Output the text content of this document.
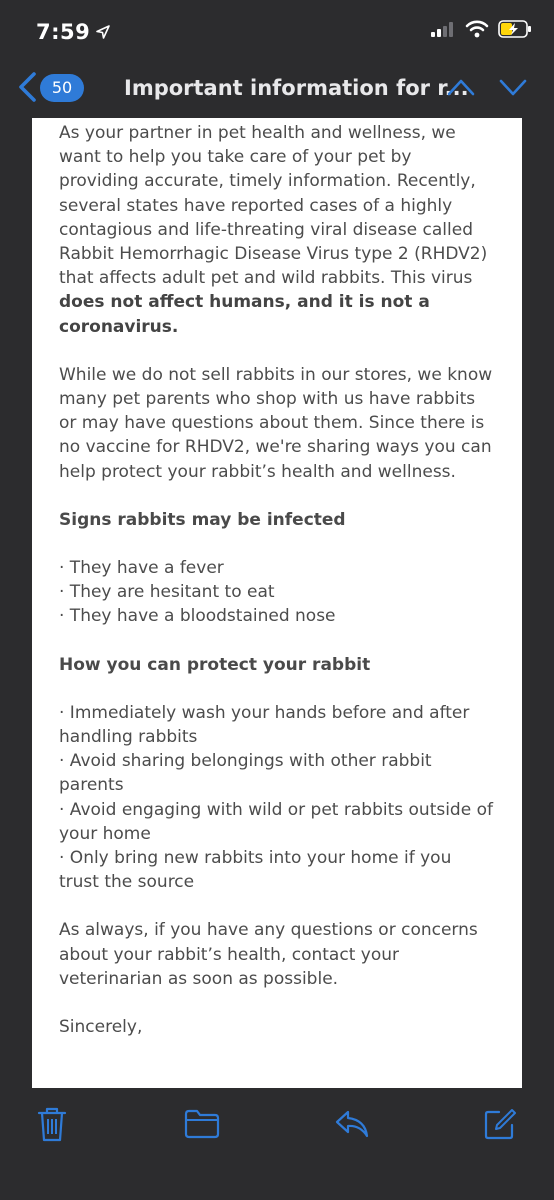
7:59
50	Important information for r...

As your partner in pet health and wellness, we want to help you take care of your pet by providing accurate, timely information. Recently, several states have reported cases of a highly contagious and life-threating viral disease called Rabbit Hemorrhagic Disease Virus type 2 (RHDV2) that affects adult pet and wild rabbits. This virus does not affect humans, and it is not a coronavirus.

While we do not sell rabbits in our stores, we know many pet parents who shop with us have rabbits or may have questions about them. Since there is no vaccine for RHDV2, we're sharing ways you can help protect your rabbit’s health and wellness.

Signs rabbits may be infected
· They have a fever
· They are hesitant to eat
· They have a bloodstained nose
How you can protect your rabbit
· Immediately wash your hands before and after handling rabbits
· Avoid sharing belongings with other rabbit parents
· Avoid engaging with wild or pet rabbits outside of your home
· Only bring new rabbits into your home if you trust the source

As always, if you have any questions or concerns about your rabbit’s health, contact your veterinarian as soon as possible.

Sincerely,
